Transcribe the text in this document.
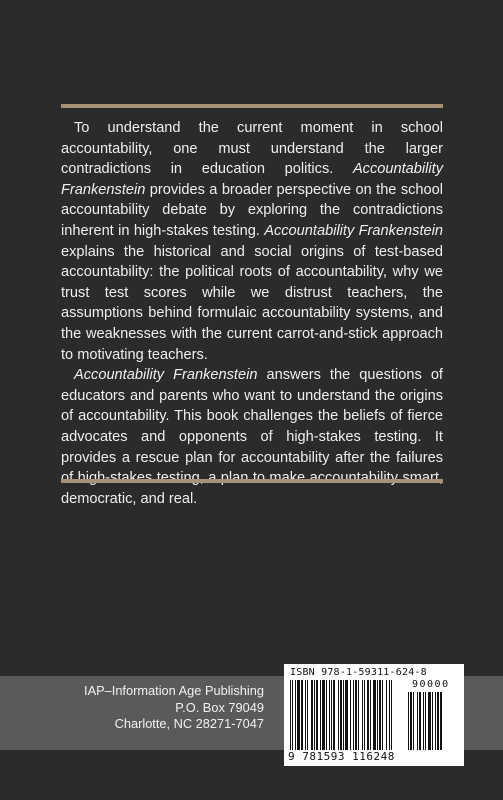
To understand the current moment in school accountability, one must understand the larger contradictions in education politics. Accountability Frankenstein provides a broader perspective on the school accountability debate by exploring the contradictions inherent in high-stakes testing. Accountability Frankenstein explains the historical and social origins of test-based accountability: the political roots of accountability, why we trust test scores while we distrust teachers, the assumptions behind formulaic accountability systems, and the weaknesses with the current carrot-and-stick approach to motivating teachers.

Accountability Frankenstein answers the questions of educators and parents who want to understand the origins of accountability. This book challenges the beliefs of fierce advocates and opponents of high-stakes testing. It provides a rescue plan for accountability after the failures democratic, and real.

IAP–Information Age Publishing
P.O. Box 79049
Charlotte, NC 28271-7047
ISBN 978-1-59311-624-8
90000
9 781593 116248
